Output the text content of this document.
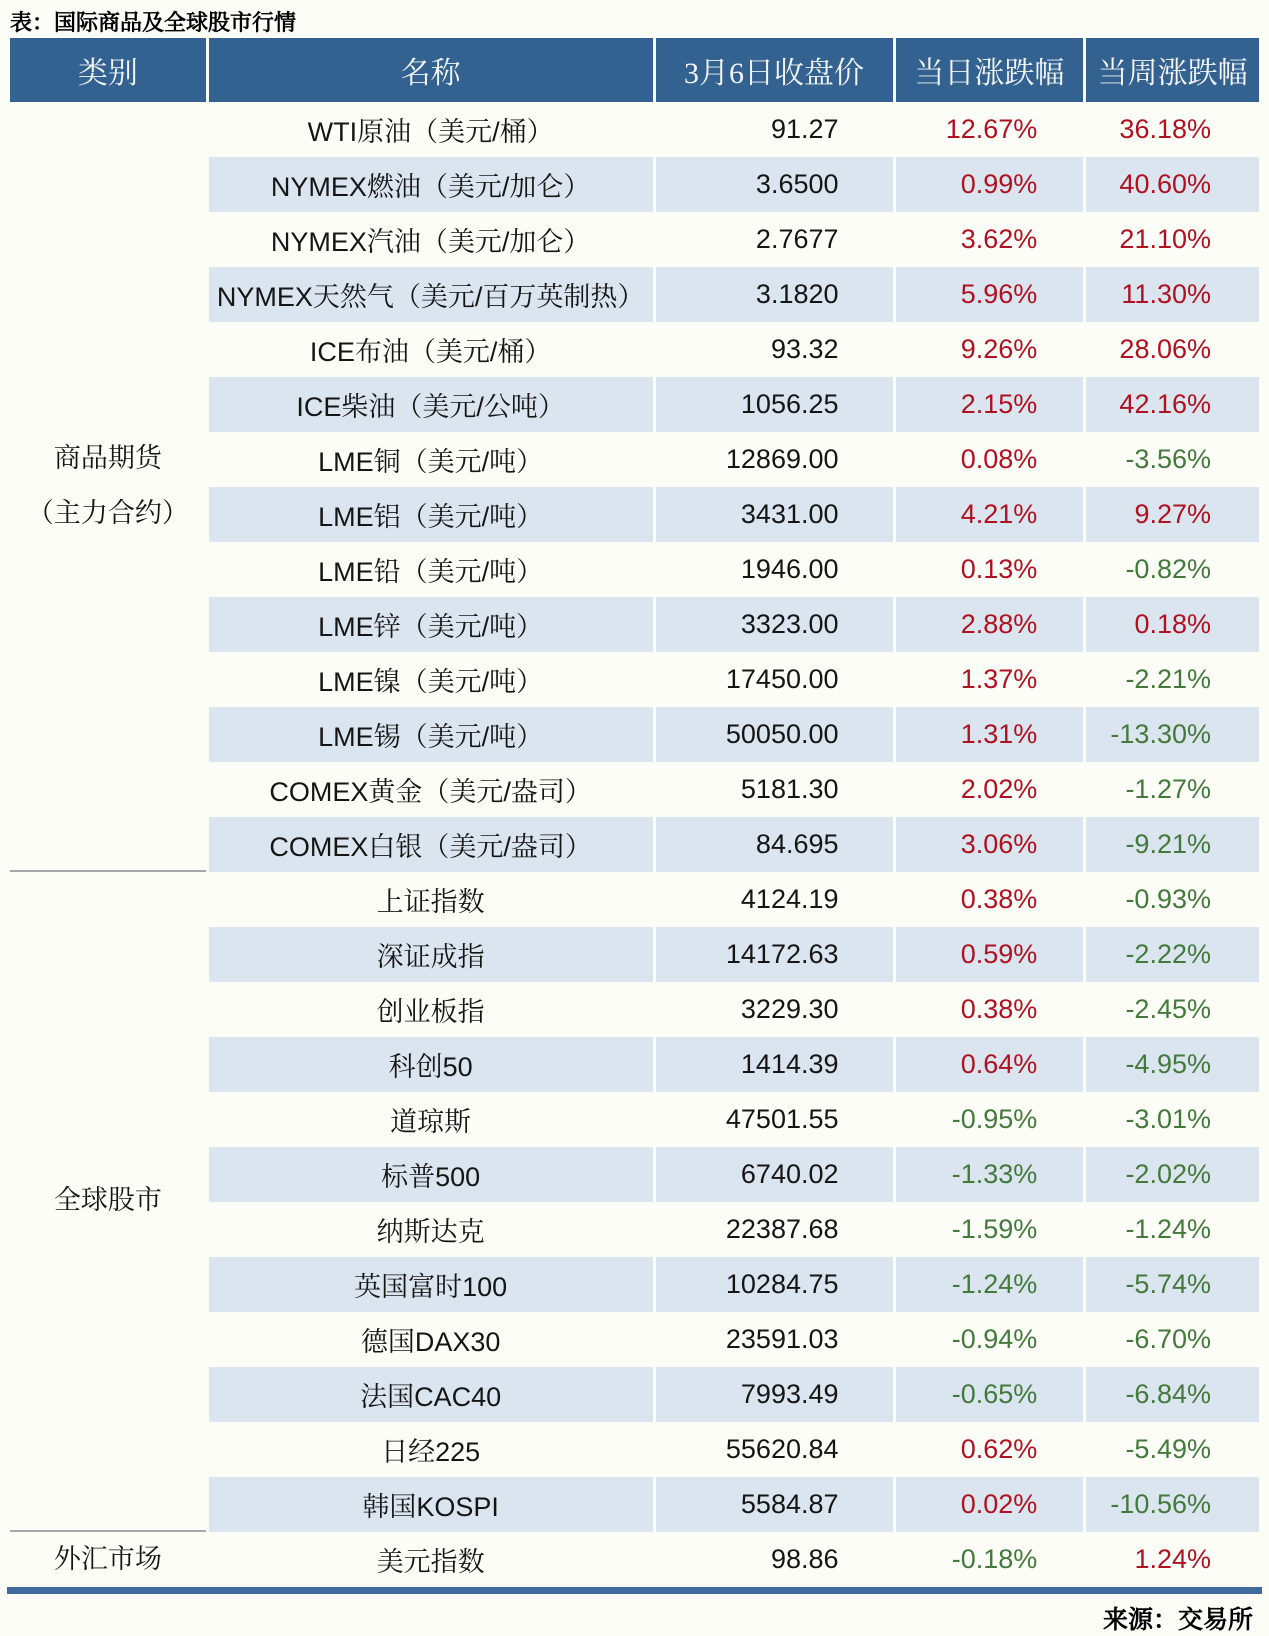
表：国际商品及全球股市行情
类别	名称	3月6日收盘价	当日涨跌幅	当周涨跌幅

商品期货
（主力合约）	WTI原油（美元/桶）	91.27	12.67%	36.18%
	NYMEX燃油（美元/加仑）	3.6500	0.99%	40.60%
	NYMEX汽油（美元/加仑）	2.7677	3.62%	21.10%
	NYMEX天然气（美元/百万英制热）	3.1820	5.96%	11.30%
	ICE布油（美元/桶）	93.32	9.26%	28.06%
	ICE柴油（美元/公吨）	1056.25	2.15%	42.16%
	LME铜（美元/吨）	12869.00	0.08%	-3.56%
	LME铝（美元/吨）	3431.00	4.21%	9.27%
	LME铅（美元/吨）	1946.00	0.13%	-0.82%
	LME锌（美元/吨）	3323.00	2.88%	0.18%
	LME镍（美元/吨）	17450.00	1.37%	-2.21%
	LME锡（美元/吨）	50050.00	1.31%	-13.30%
	COMEX黄金（美元/盎司）	5181.30	2.02%	-1.27%
	COMEX白银（美元/盎司）	84.695	3.06%	-9.21%

全球股市	上证指数	4124.19	0.38%	-0.93%
	深证成指	14172.63	0.59%	-2.22%
	创业板指	3229.30	0.38%	-2.45%
	科创50	1414.39	0.64%	-4.95%
	道琼斯	47501.55	-0.95%	-3.01%
	标普500	6740.02	-1.33%	-2.02%
	纳斯达克	22387.68	-1.59%	-1.24%
	英国富时100	10284.75	-1.24%	-5.74%
	德国DAX30	23591.03	-0.94%	-6.70%
	法国CAC40	7993.49	-0.65%	-6.84%
	日经225	55620.84	0.62%	-5.49%
	韩国KOSPI	5584.87	0.02%	-10.56%

外汇市场	美元指数	98.86	-0.18%	1.24%
来源：交易所
